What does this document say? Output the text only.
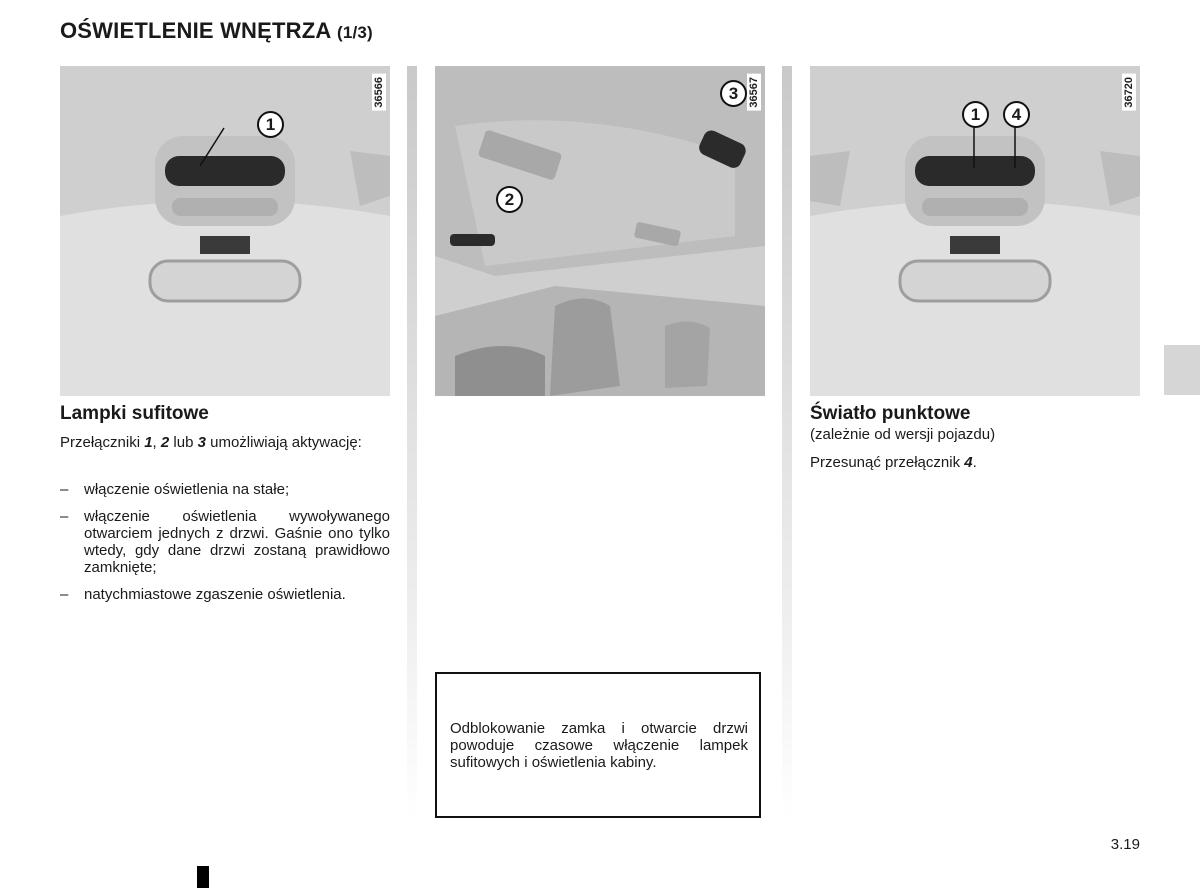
OŚWIETLENIE WNĘTRZA (1/3)
1
36566	3
2
36567
1	4
36720
Lampki sufitowe

Przełączniki 1, 2 lub 3 umożliwiają aktywację:

– włączenie oświetlenia na stałe;
– włączenie oświetlenia wywoływanego otwarciem jednych z drzwi. Gaśnie ono tylko wtedy, gdy dane drzwi zostaną prawidłowo zamknięte;
– natychmiastowe zgaszenie oświetlenia.

Odblokowanie zamka i otwarcie drzwi powoduje czasowe włączenie lampek sufitowych i oświetlenia kabiny.

Światło punktowe

(zależnie od wersji pojazdu)

Przesunąć przełącznik 4.

3.19
